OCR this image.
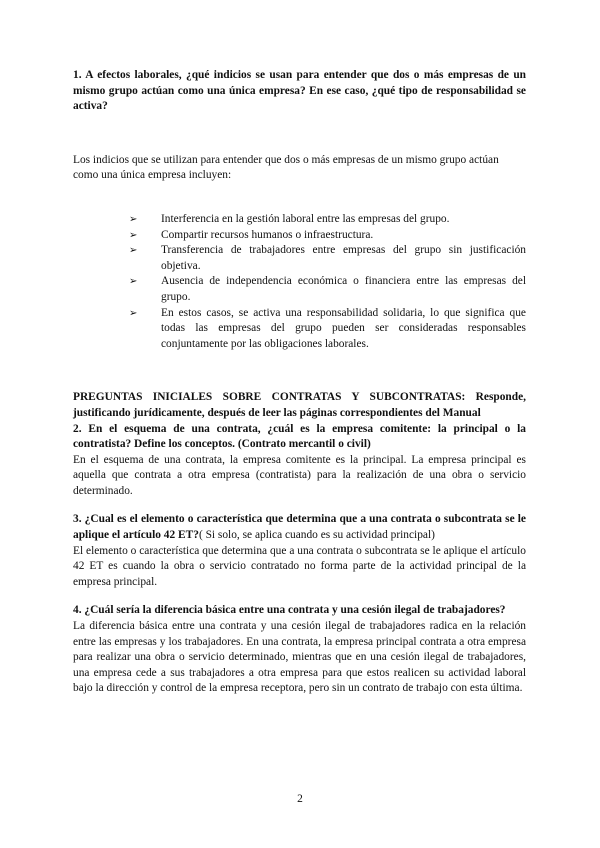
1. A efectos laborales, ¿qué indicios se usan para entender que dos o más empresas de un mismo grupo actúan como una única empresa? En ese caso, ¿qué tipo de responsabilidad se activa?

Los indicios que se utilizan para entender que dos o más empresas de un mismo grupo actúan como una única empresa incluyen:

➢ Interferencia en la gestión laboral entre las empresas del grupo.
➢ Compartir recursos humanos o infraestructura.
➢ Transferencia de trabajadores entre empresas del grupo sin justificación objetiva.
➢ Ausencia de independencia económica o financiera entre las empresas del grupo.
➢ En estos casos, se activa una responsabilidad solidaria, lo que significa que todas las empresas del grupo pueden ser consideradas responsables conjuntamente por las obligaciones laborales.

PREGUNTAS INICIALES SOBRE CONTRATAS Y SUBCONTRATAS: Responde, justificando jurídicamente, después de leer las páginas correspondientes del Manual

2. En el esquema de una contrata, ¿cuál es la empresa comitente: la principal o la contratista? Define los conceptos. (Contrato mercantil o civil)

En el esquema de una contrata, la empresa comitente es la principal. La empresa principal es aquella que contrata a otra empresa (contratista) para la realización de una obra o servicio determinado.

3. ¿Cual es el elemento o característica que determina que a una contrata o subcontrata se le aplique el artículo 42 ET?( Si solo, se aplica cuando es su actividad principal)

El elemento o característica que determina que a una contrata o subcontrata se le aplique el artículo 42 ET es cuando la obra o servicio contratado no forma parte de la actividad principal de la empresa principal.

4. ¿Cuál sería la diferencia básica entre una contrata y una cesión ilegal de trabajadores?

La diferencia básica entre una contrata y una cesión ilegal de trabajadores radica en la relación entre las empresas y los trabajadores. En una contrata, la empresa principal contrata a otra empresa para realizar una obra o servicio determinado, mientras que en una cesión ilegal de trabajadores, una empresa cede a sus trabajadores a otra empresa para que estos realicen su actividad laboral bajo la dirección y control de la empresa receptora, pero sin un contrato de trabajo con esta última.

2
